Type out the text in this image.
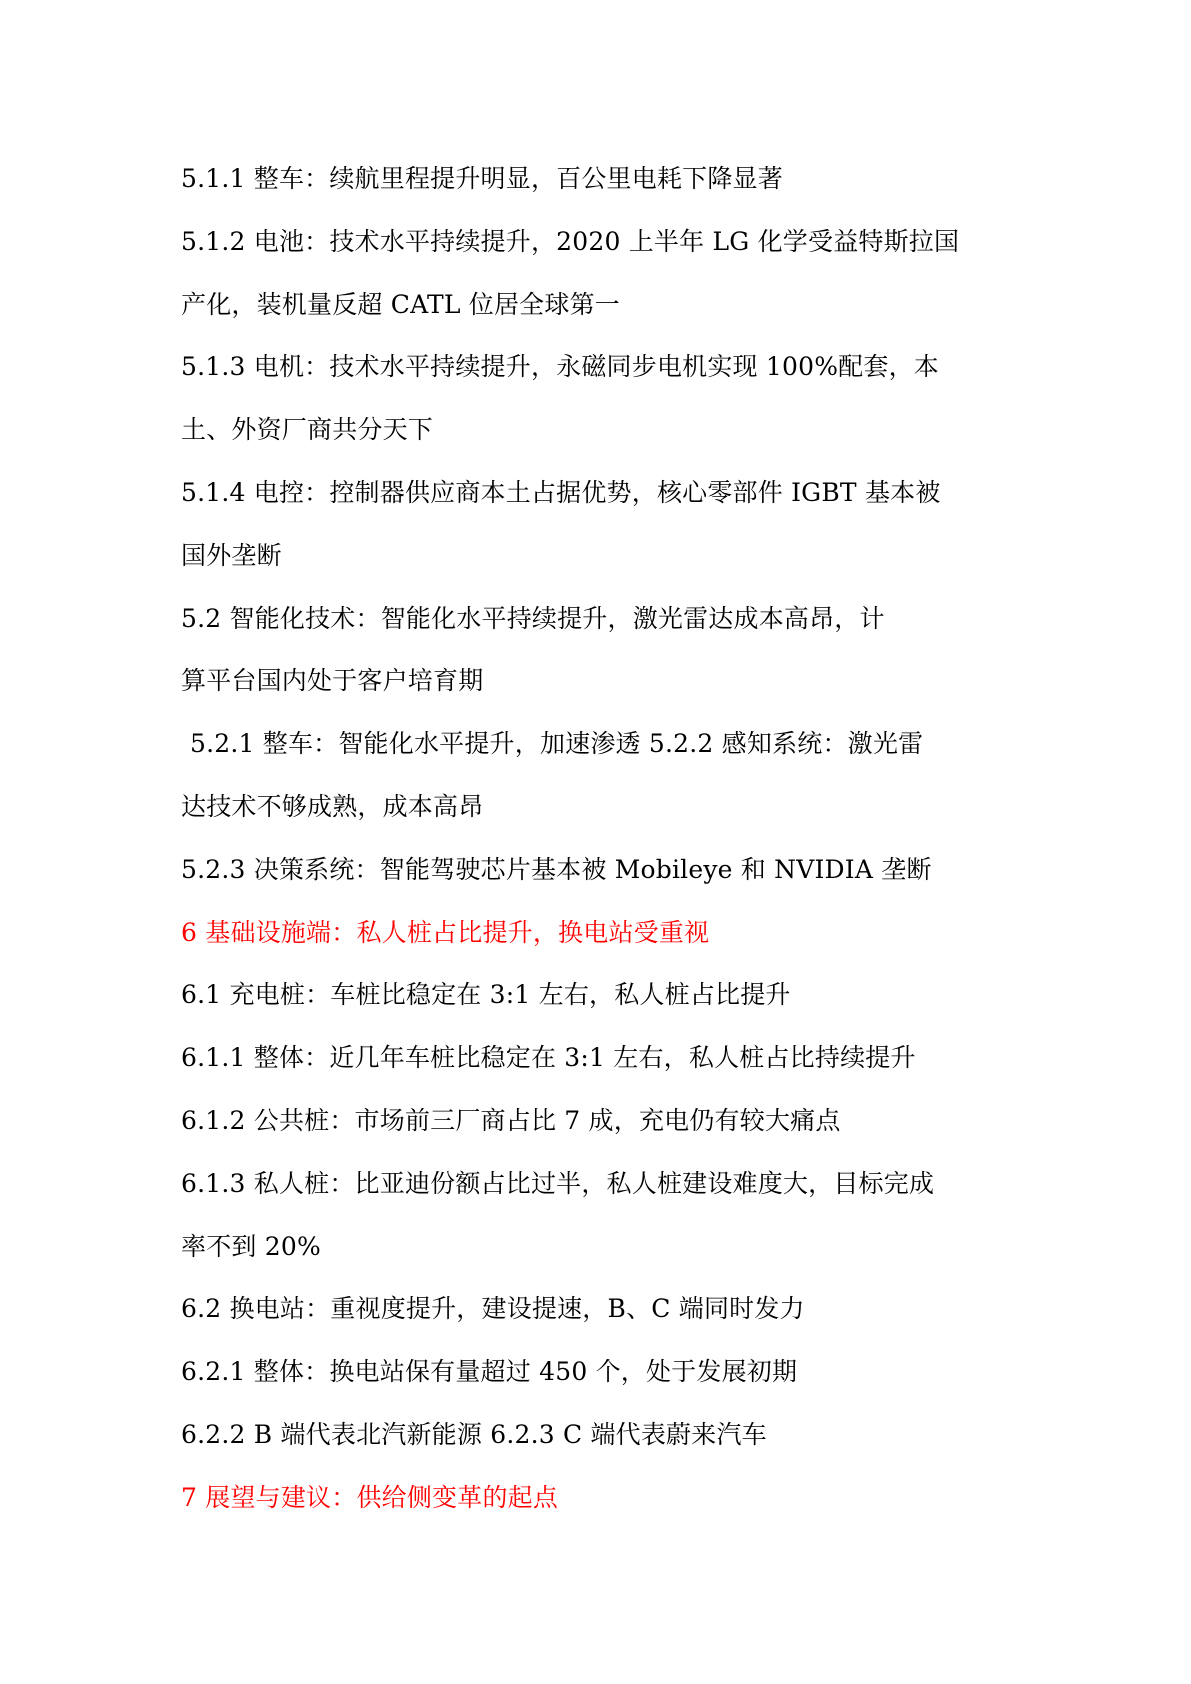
5.1.1 整车：续航里程提升明显，百公里电耗下降显著
5.1.2 电池：技术水平持续提升，2020 上半年 LG 化学受益特斯拉国
产化，装机量反超 CATL 位居全球第一
5.1.3 电机：技术水平持续提升，永磁同步电机实现 100%配套，本
土、外资厂商共分天下
5.1.4 电控：控制器供应商本土占据优势，核心零部件 IGBT 基本被
国外垄断
5.2 智能化技术：智能化水平持续提升，激光雷达成本高昂，计
算平台国内处于客户培育期
5.2.1 整车：智能化水平提升，加速渗透 5.2.2 感知系统：激光雷
达技术不够成熟，成本高昂
5.2.3 决策系统：智能驾驶芯片基本被 Mobileye 和 NVIDIA 垄断
6 基础设施端：私人桩占比提升，换电站受重视
6.1 充电桩：车桩比稳定在 3:1 左右，私人桩占比提升
6.1.1 整体：近几年车桩比稳定在 3:1 左右，私人桩占比持续提升
6.1.2 公共桩：市场前三厂商占比 7 成，充电仍有较大痛点
6.1.3 私人桩：比亚迪份额占比过半，私人桩建设难度大，目标完成
率不到 20%
6.2 换电站：重视度提升，建设提速，B、C 端同时发力
6.2.1 整体：换电站保有量超过 450 个，处于发展初期
6.2.2 B 端代表北汽新能源 6.2.3 C 端代表蔚来汽车
7 展望与建议：供给侧变革的起点
